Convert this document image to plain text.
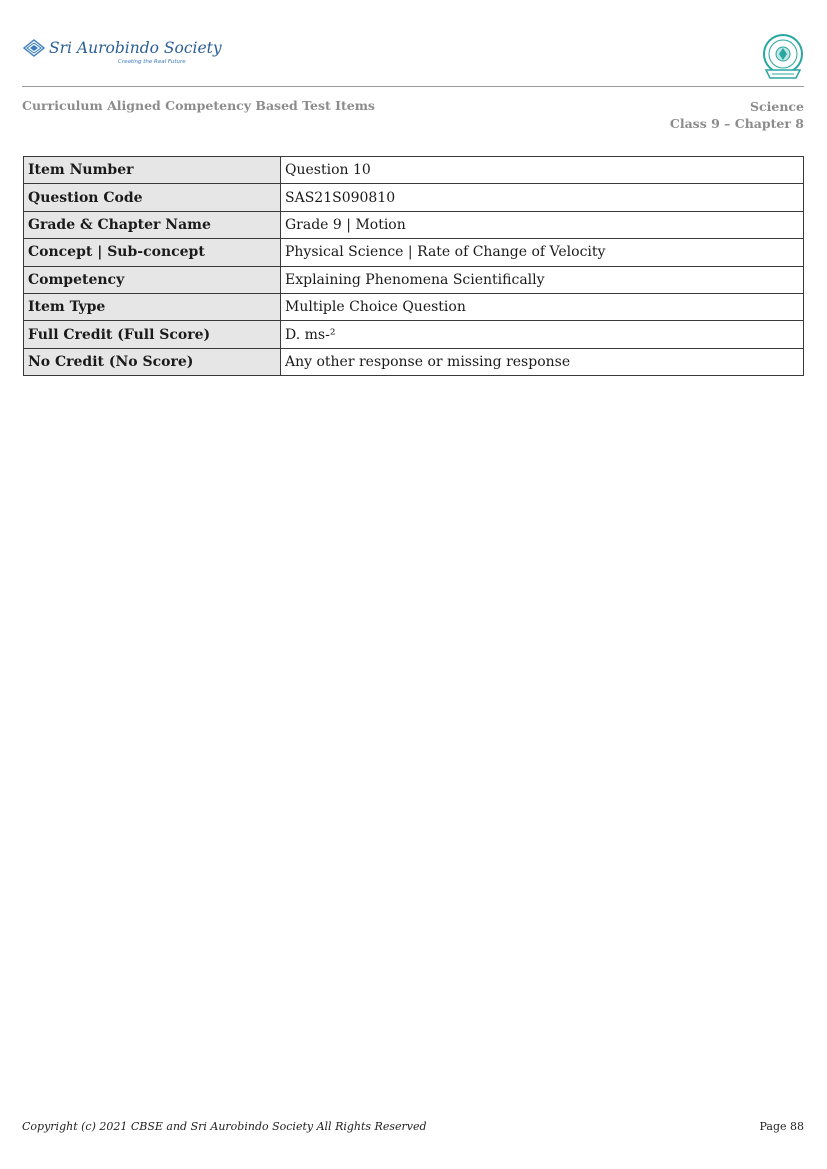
Sri Aurobindo Society
Creating the Real Future
Curriculum Aligned Competency Based Test Items	Science
Class 9 – Chapter 8
Item Number	Question 10
Question Code	SAS21S090810
Grade & Chapter Name	Grade 9 | Motion
Concept | Sub-concept	Physical Science | Rate of Change of Velocity
Competency	Explaining Phenomena Scientifically
Item Type	Multiple Choice Question
Full Credit (Full Score)	D. ms-²
No Credit (No Score)	Any other response or missing response
Copyright (c) 2021 CBSE and Sri Aurobindo Society All Rights Reserved	Page 88
